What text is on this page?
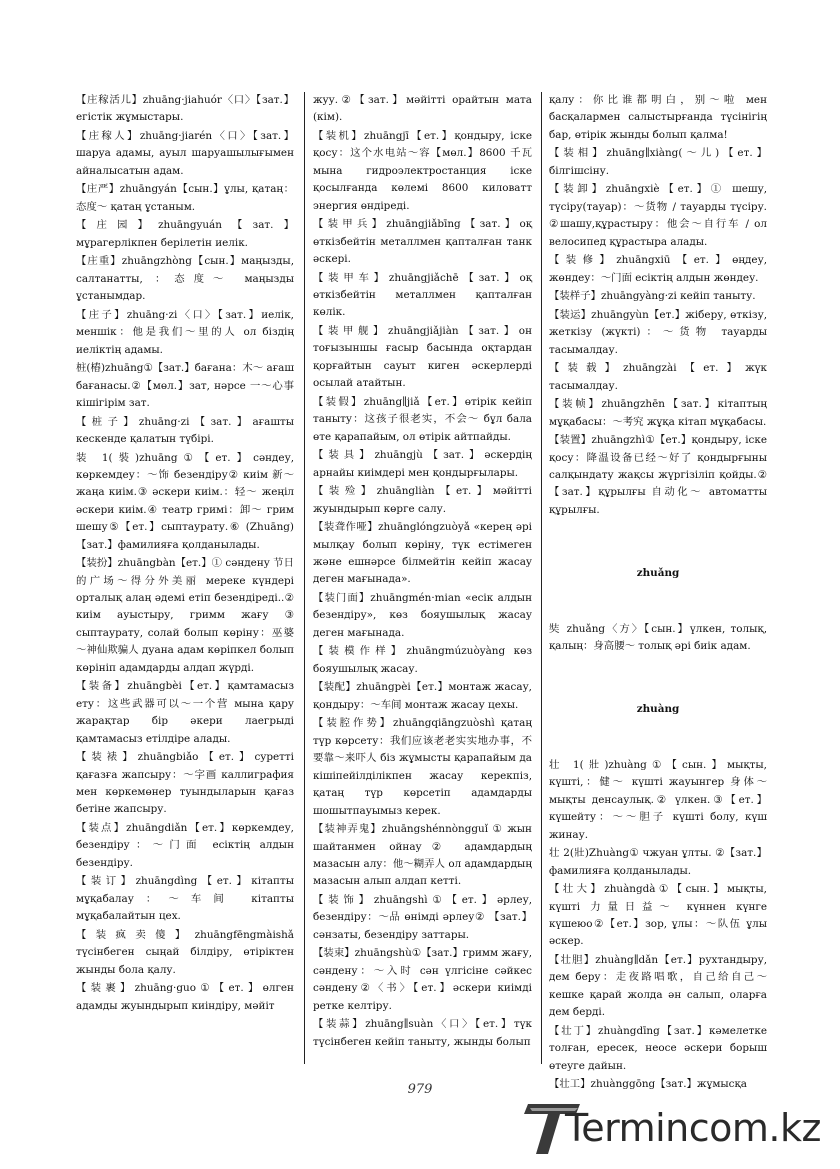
【庄稼活儿】zhuāng·jiahuór〈口〉【зат.】егістік жұмыстары.
【庄稼人】zhuāng·jiarén〈口〉【зат.】шаруа адамы, ауыл шаруашылығымен айналысатын адам.
【庄严】zhuāngyán【сын.】ұлы, қатаң：态度～ қатаң ұстаным.
【庄园】zhuāngyuán【зат.】мұрагерлікпен берілетін иелік.
【庄重】zhuāngzhòng【сын.】маңызды, салтанатты, ：态度～ маңызды ұстанымдар.
【庄子】zhuāng·zi〈口〉【зат.】иелік, меншік：他是我们～里的人 ол біздің иеліктің адамы.
桩(樁)zhuāng①【зат.】бағана：木～ ағаш бағанасы.②【мөл.】зат, нәрсе 一～心事 кішігірім зат.
【桩子】zhuāng·zi【зат.】ағашты кескенде қалатын түбірі.
装 1(裝)zhuāng①【ет.】сәндеу, көркемдеу：～饰 безендіру② киім 新～жаңа киім.③ әскери киім.：轻～ жеңіл әскери киім.④ театр гримі：卸～ грим шешу⑤【ет.】сыптаурату.⑥ (Zhuāng)【зат.】фамилияға қолданылады.
【装扮】zhuāngbàn【ет.】① сәндену 节日的广场～得分外美丽 мереке күндері орталық алаң әдемі етіп безендіреді..② киім ауыстыру, гримм жағу ③ сыптаурату, солай болып көріну：巫婆～神仙欺骗人 дуана адам көріпкел болып көрініп адамдарды алдап жүрді.
【装备】zhuāngbèi【ет.】қамтамасыз ету：这些武器可以～一个营 мына қару жарақтар бір әкери лаегрыді қамтамасыз етілдіре алады.
【装裱】zhuāngbiǎo【ет.】суретті қағазға жапсыру：～字画 каллиграфия мен көркемөнер туындыларын қағаз бетіне жапсыру.
【装点】zhuāngdiǎn【ет.】көркемдеу, безендіру：～门面 есіктің алдын безендіру.
【装订】zhuāngdìng【ет.】кітапты мұқабалау：～车间 кітапты мұқабалайтын цех.
【装疯卖傻】zhuāngfēngmàishǎ түсінбеген сыңай білдіру, өтіріктен жынды бола қалу.
【装裹】zhuāng·guo①【ет.】өлген адамды жуындырып киіндіру, мәйіт
жуу.②【зат.】мәйітті орайтын мата (кім).
【装机】zhuāngjī【ет.】қондыру, іске қосу：这个水电站～容【мөл.】8600 千瓦 мына гидроэлектростанция іске қосылғанда көлемі 8600 киловатт энергия өндіреді.
【装甲兵】zhuāngjiǎbīng【зат.】оқ өткізбейтін металлмен қапталған танк әскері.
【装甲车】zhuāngjiǎchē【зат.】оқ өткізбейтін металлмен қапталған көлік.
【装甲舰】zhuāngjiǎjiàn【зат.】он тоғызыншы ғасыр басында оқтардан қорғайтын сауыт киген әскерлерді осылай атайтын.
【装假】zhuāng∥jiǎ【ет.】өтірік кейіп таныту：这孩子很老实，不会～ бұл бала өте қарапайым, ол өтірік айтпайды.
【装具】zhuāngjù【зат.】әскердің арнайы киімдері мен қондырғылары.
【装殓】zhuāngliàn【ет.】мәйітті жуындырып көрге салу.
【装聋作哑】zhuānglóngzuòyǎ «керең әрі мылқау болып көріну, түк естімеген және ешнәрсе білмейтін кейіп жасау деген мағынада».
【装门面】zhuāngmén·mian «есік алдын безендіру», көз бояушылық жасау деген мағынада.
【装模作样】zhuāngmúzuòyàng көз бояушылық жасау.
【装配】zhuāngpèi【ет.】монтаж жасау, қондыру：～车间 монтаж жасау цехы.
【装腔作势】zhuāngqiāngzuòshì қатаң түр көрсету：我们应该老老实实地办事，不要靠～来吓人 біз жұмысты қарапайым да кішіпейілділікпен жасау керекпіз, қатаң түр көрсетіп адамдарды шошытпауымыз керек.
【装神弄鬼】zhuāngshénnòngguǐ ① жын шайтанмен ойнау② адамдардың мазасын алу：他～糊弄人 ол адамдардың мазасын алып алдап кетті.
【装饰】zhuāngshì①【ет.】әрлеу, безендіру：～品 өнімді әрлеу② 【зат.】сәнзаты, безендіру заттары.
【装束】zhuāngshù①【зат.】гримм жағу, сәндену：～入时 сән үлгісіне сәйкес сәндену②〈书〉【ет.】әскери киімді ретке келтіру.
【装蒜】zhuāng∥suàn〈口〉【ет.】түк түсінбеген кейіп таныту, жынды болып
қалу：你比谁都明白，别～啦 мен басқалармен салыстырғанда түсінігің бар, өтірік жынды болып қалма!
【装相】zhuāng∥xiàng(～儿)【ет.】білгішсіну.
【装卸】zhuāngxiè【ет.】① шешу, түсіру(тауар)：～货物 / тауарды түсіру. ②шашу,құрастыру：他会～自行车 / ол велосипед құрастыра алады.
【装修】zhuāngxiū【ет.】өңдеу, жөндеу：～门面 есіктің алдын жөндеу.
【装样子】zhuāngyàng·zi кейіп таныту.
【装运】zhuāngyùn【ет.】жіберу, өткізу, жеткізу (жүкті)：～货物 тауарды тасымалдау.
【装载】zhuāngzài【ет.】жүк тасымалдау.
【装帧】zhuāngzhēn【зат.】кітаптың мұқабасы：～考究 жұқа кітап мұқабасы.
【装置】zhuāngzhì①【ет.】қондыру, іске қосу：降温设备已经～好了 қондырғыны салқындату жақсы жүргізіліп қойды.②【зат.】құрылғы 自动化～ автоматты құрылғы.
zhuǎng
奘 zhuǎng〈方〉【сын.】үлкен, толық, қалың：身高腰～ толық әрі биік адам.
zhuàng
壮 1(壯)zhuàng①【сын.】мықты, күшті,：健～ күшті жауынгер 身体～ мықты денсаулық.② үлкен.③【ет.】күшейту：～～胆子 күшті болу, күш жинау.
壮 2(壯)Zhuàng① чжуан ұлты. ②【зат.】фамилияға қолданылады.
【壮大】zhuàngdà①【сын.】мықты, күшті 力量日益～ күннен күнге күшеюо②【ет.】зор, ұлы：～队伍 ұлы әскер.
【壮胆】zhuàng∥dǎn【ет.】рухтандыру, дем беру：走夜路唱歌，自己给自己～ кешке қарай жолда ән салып, оларға дем берді.
【壮丁】zhuàngdīng【зат.】кәмелетке толған, ересек, неосе әскери борыш өтеуге дайын.
【壮工】zhuànggōng【зат.】жұмысқа
979
Termincom.kz
